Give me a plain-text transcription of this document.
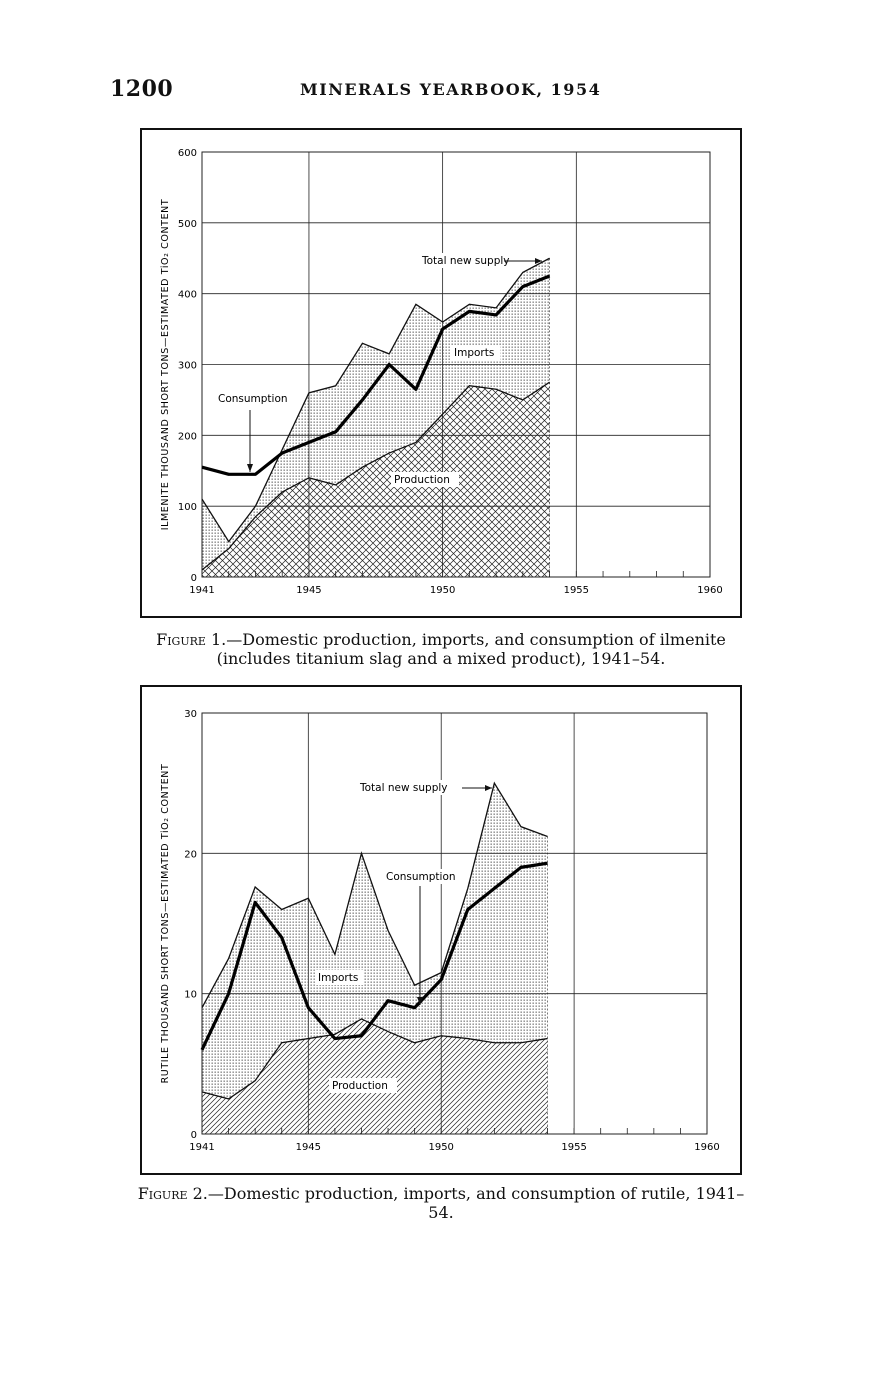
1200	MINERALS YEARBOOK, 1954
0
100
200
300
400
500
600
1941	1945	1950	1955	1960
Total new supply
Imports
Consumption
Production
ILMENITE THOUSAND SHORT TONS—ESTIMATED TiO₂ CONTENT
Figure 1.—Domestic production, imports, and consumption of ilmenite (includes titanium slag and a mixed product), 1941–54.
0
10
20
30
1941	1945	1950	1955	1960
Total new supply
Imports
Consumption
Production
RUTILE THOUSAND SHORT TONS—ESTIMATED TiO₂ CONTENT
Figure 2.—Domestic production, imports, and consumption of rutile, 1941–54.
